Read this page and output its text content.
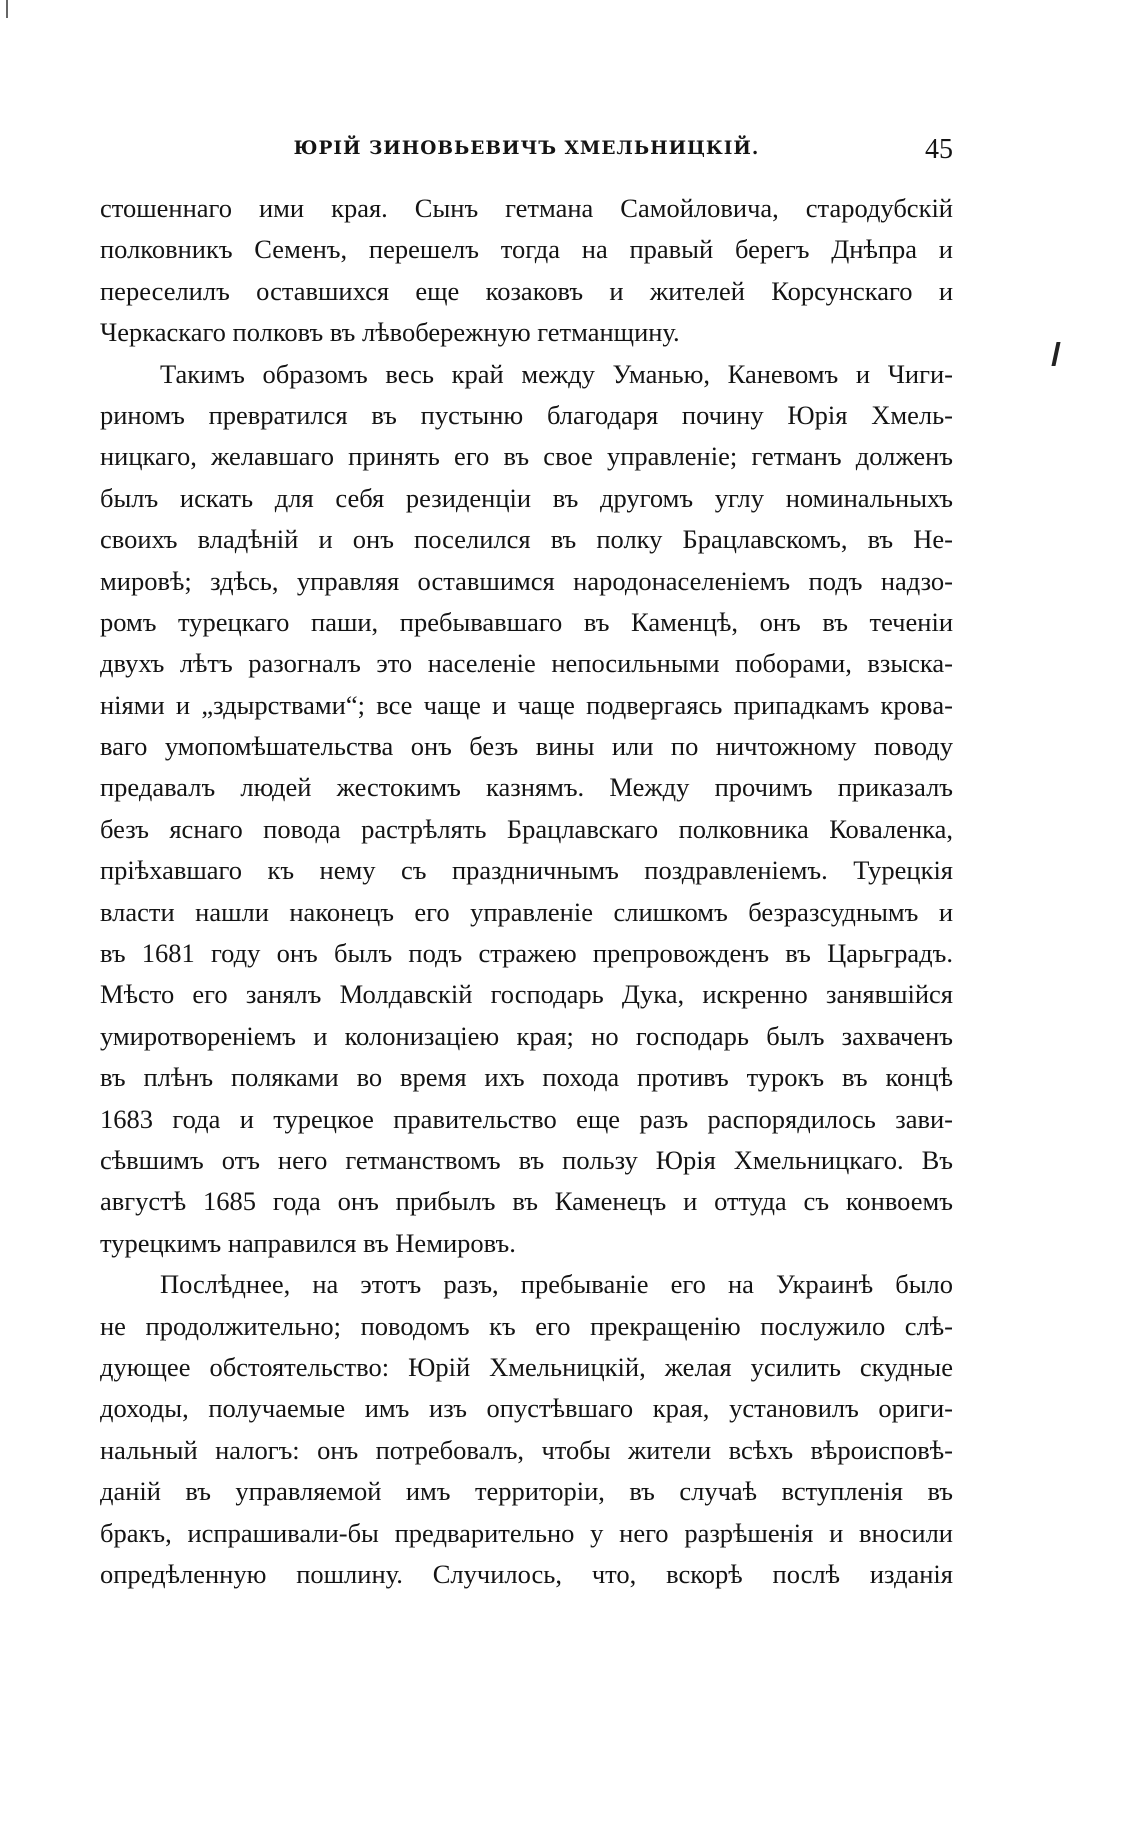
ЮРІЙ ЗИНОВЬЕВИЧЪ ХМЕЛЬНИЦКІЙ.	45
стошеннаго ими края. Сынъ гетмана Самойловича, стародубскій
полковникъ Семенъ, перешелъ тогда на правый берегъ Днѣпра и
переселилъ оставшихся еще козаковъ и жителей Корсунскаго и
Черкаскаго полковъ въ лѣвобережную гетманщину.
Такимъ образомъ весь край между Уманью, Каневомъ и Чиги-
риномъ превратился въ пустыню благодаря почину Юрія Хмель-
ницкаго, желавшаго принять его въ свое управленіе; гетманъ долженъ
былъ искать для себя резиденціи въ другомъ углу номинальныхъ
своихъ владѣній и онъ поселился въ полку Брацлавскомъ, въ Не-
мировѣ; здѣсь, управляя оставшимся народонаселеніемъ подъ надзо-
ромъ турецкаго паши, пребывавшаго въ Каменцѣ, онъ въ теченіи
двухъ лѣтъ разогналъ это населеніе непосильными поборами, взыска-
ніями и „здырствами“; все чаще и чаще подвергаясь припадкамъ кровa-
ваго умопомѣшательства онъ безъ вины или по ничтожному поводу
предавалъ людей жестокимъ казнямъ. Между прочимъ приказалъ
безъ яснаго повода растрѣлять Брацлавскаго полковника Коваленка,
пріѣхавшаго къ нему съ праздничнымъ поздравленіемъ. Турецкія
власти нашли наконецъ его управленіе слишкомъ безразсуднымъ и
въ 1681 году онъ былъ подъ стражею препровожденъ въ Царьградъ.
Мѣсто его занялъ Молдавскій господарь Дука, искренно занявшійся
умиротвореніемъ и колонизаціею края; но господарь былъ захваченъ
въ плѣнъ поляками во время ихъ похода противъ турокъ въ концѣ
1683 года и турецкое правительство еще разъ распорядилось зави-
сѣвшимъ отъ него гетманствомъ въ пользу Юрія Хмельницкаго. Въ
августѣ 1685 года онъ прибылъ въ Каменецъ и оттуда съ конвоемъ
турецкимъ направился въ Немировъ.
Послѣднее, на этотъ разъ, пребываніе его на Украинѣ было
не продолжительно; поводомъ къ его прекращенію послужило слѣ-
дующее обстоятельство: Юрій Хмельницкій, желая усилить скудные
доходы, получаемые имъ изъ опустѣвшаго края, установилъ ориги-
нальный налогъ: онъ потребовалъ, чтобы жители всѣхъ вѣроисповѣ-
даній въ управляемой имъ территоріи, въ случаѣ вступленія въ
бракъ, испрашивали-бы предварительно у него разрѣшенія и вносили
опредѣленную пошлину. Случилось, что, вскорѣ послѣ изданія
